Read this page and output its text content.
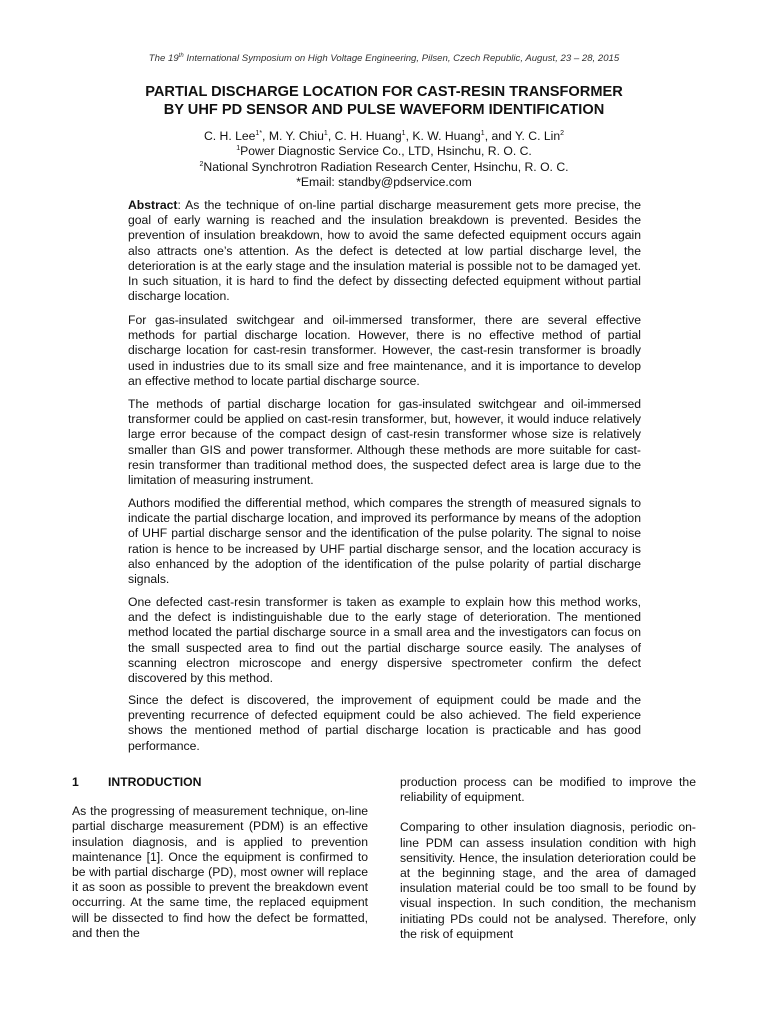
The 19th International Symposium on High Voltage Engineering, Pilsen, Czech Republic, August, 23 – 28, 2015
PARTIAL DISCHARGE LOCATION FOR CAST-RESIN TRANSFORMER
BY UHF PD SENSOR AND PULSE WAVEFORM IDENTIFICATION
C. H. Lee$^{1*}$, M. Y. Chiu$^1$, C. H. Huang$^1$, K. W. Huang$^1$, and Y. C. Lin$^2$
$^1$Power Diagnostic Service Co., LTD, Hsinchu, R. O. C.
$^2$National Synchrotron Radiation Research Center, Hsinchu, R. O. C.
*Email: standby@pdservice.com

Abstract: As the technique of on-line partial discharge measurement gets more precise, the goal of early warning is reached and the insulation breakdown is prevented. Besides the prevention of insulation breakdown, how to avoid the same defected equipment occurs again also attracts one’s attention. As the defect is detected at low partial discharge level, the deterioration is at the early stage and the insulation material is possible not to be damaged yet. In such situation, it is hard to find the defect by dissecting defected equipment without partial discharge location.

For gas-insulated switchgear and oil-immersed transformer, there are several effective methods for partial discharge location. However, there is no effective method of partial discharge location for cast-resin transformer. However, the cast-resin transformer is broadly used in industries due to its small size and free maintenance, and it is importance to develop an effective method to locate partial discharge source.

The methods of partial discharge location for gas-insulated switchgear and oil-immersed transformer could be applied on cast-resin transformer, but, however, it would induce relatively large error because of the compact design of cast-resin transformer whose size is relatively smaller than GIS and power transformer. Although these methods are more suitable for cast-resin transformer than traditional method does, the suspected defect area is large due to the limitation of measuring instrument.

Authors modified the differential method, which compares the strength of measured signals to indicate the partial discharge location, and improved its performance by means of the adoption of UHF partial discharge sensor and the identification of the pulse polarity. The signal to noise ration is hence to be increased by UHF partial discharge sensor, and the location accuracy is also enhanced by the adoption of the identification of the pulse polarity of partial discharge signals.

One defected cast-resin transformer is taken as example to explain how this method works, and the defect is indistinguishable due to the early stage of deterioration. The mentioned method located the partial discharge source in a small area and the investigators can focus on the small suspected area to find out the partial discharge source easily. The analyses of scanning electron microscope and energy dispersive spectrometer confirm the defect discovered by this method.

Since the defect is discovered, the improvement of equipment could be made and the preventing recurrence of defected equipment could be also achieved. The field experience shows the mentioned method of partial discharge location is practicable and has good performance.

1	INTRODUCTION

As the progressing of measurement technique, on-line partial discharge measurement (PDM) is an effective insulation diagnosis, and is applied to prevention maintenance [1]. Once the equipment is confirmed to be with partial discharge (PD), most owner will replace it as soon as possible to prevent the breakdown event occurring. At the same time, the replaced equipment will be dissected to find how the defect be formatted, and then the

production process can be modified to improve the reliability of equipment.

Comparing to other insulation diagnosis, periodic on-line PDM can assess insulation condition with high sensitivity. Hence, the insulation deterioration could be at the beginning stage, and the area of damaged insulation material could be too small to be found by visual inspection. In such condition, the mechanism initiating PDs could not be analysed. Therefore, only the risk of equipment
